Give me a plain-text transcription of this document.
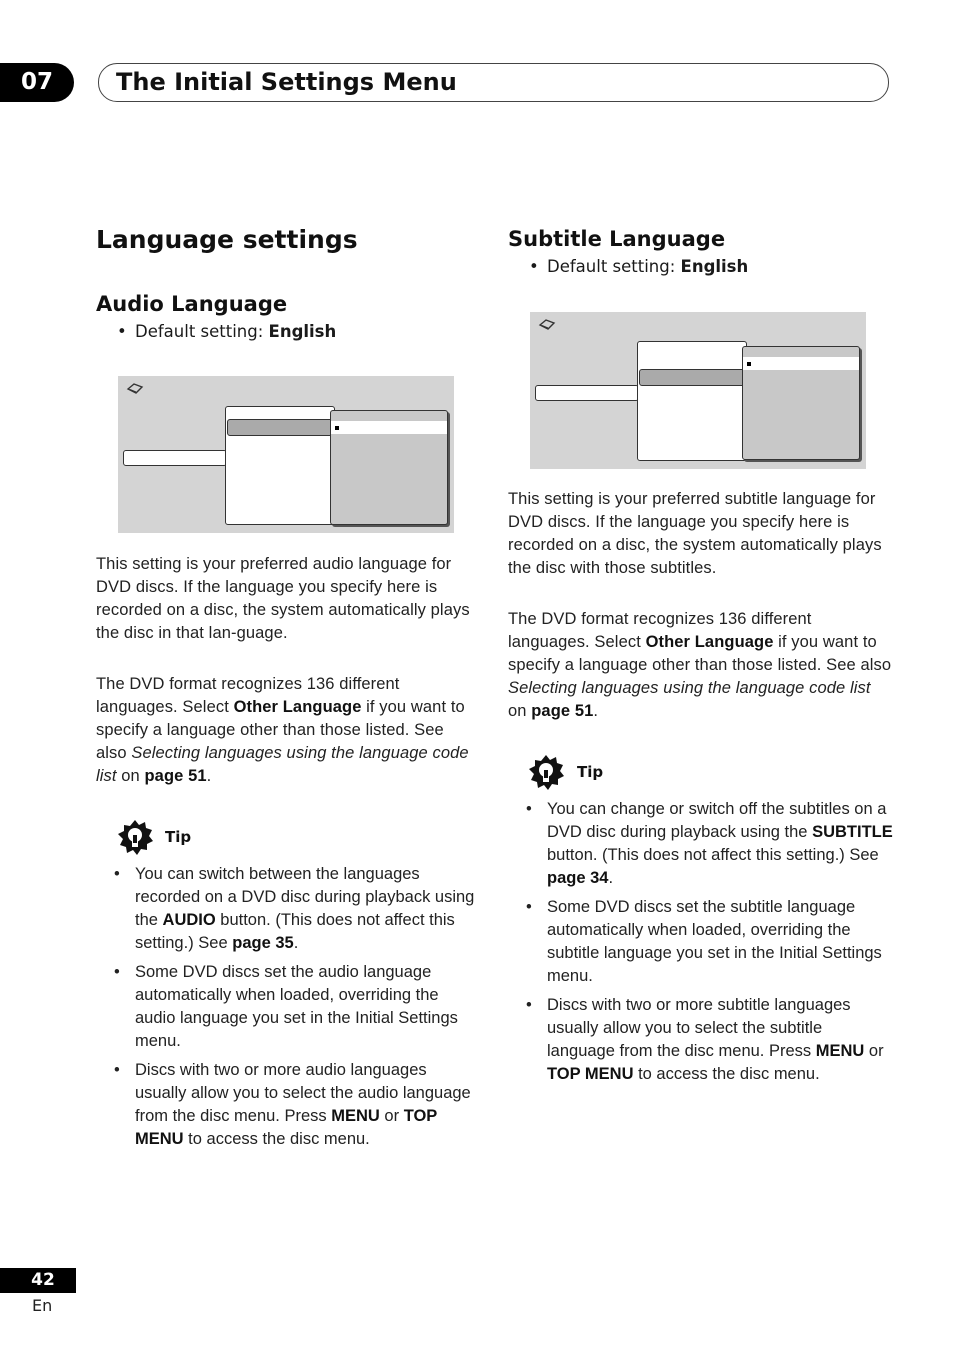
07	The Initial Settings Menu
Language settings
Audio Language
• Default setting: English

This setting is your preferred audio language for DVD discs. If the language you specify here is recorded on a disc, the system automatically plays the disc in that lan-guage.

The DVD format recognizes 136 different languages. Select Other Language if you want to specify a language other than those listed. See also Selecting languages using the language code list on page 51.

Tip
• You can switch between the languages recorded on a DVD disc during playback using the AUDIO button. (This does not affect this setting.) See page 35.
• Some DVD discs set the audio language automatically when loaded, overriding the audio language you set in the Initial Settings menu.
• Discs with two or more audio languages usually allow you to select the audio language from the disc menu. Press MENU or TOP MENU to access the disc menu.
Subtitle Language
• Default setting: English

This setting is your preferred subtitle language for DVD discs. If the language you specify here is recorded on a disc, the system automatically plays the disc with those subtitles.

The DVD format recognizes 136 different languages. Select Other Language if you want to specify a language other than those listed. See also Selecting languages using the language code list on page 51.

Tip
• You can change or switch off the subtitles on a DVD disc during playback using the SUBTITLE button. (This does not affect this setting.) See page 34.
• Some DVD discs set the subtitle language automatically when loaded, overriding the subtitle language you set in the Initial Settings menu.
• Discs with two or more subtitle languages usually allow you to select the subtitle language from the disc menu. Press MENU or TOP MENU to access the disc menu.
42
En
